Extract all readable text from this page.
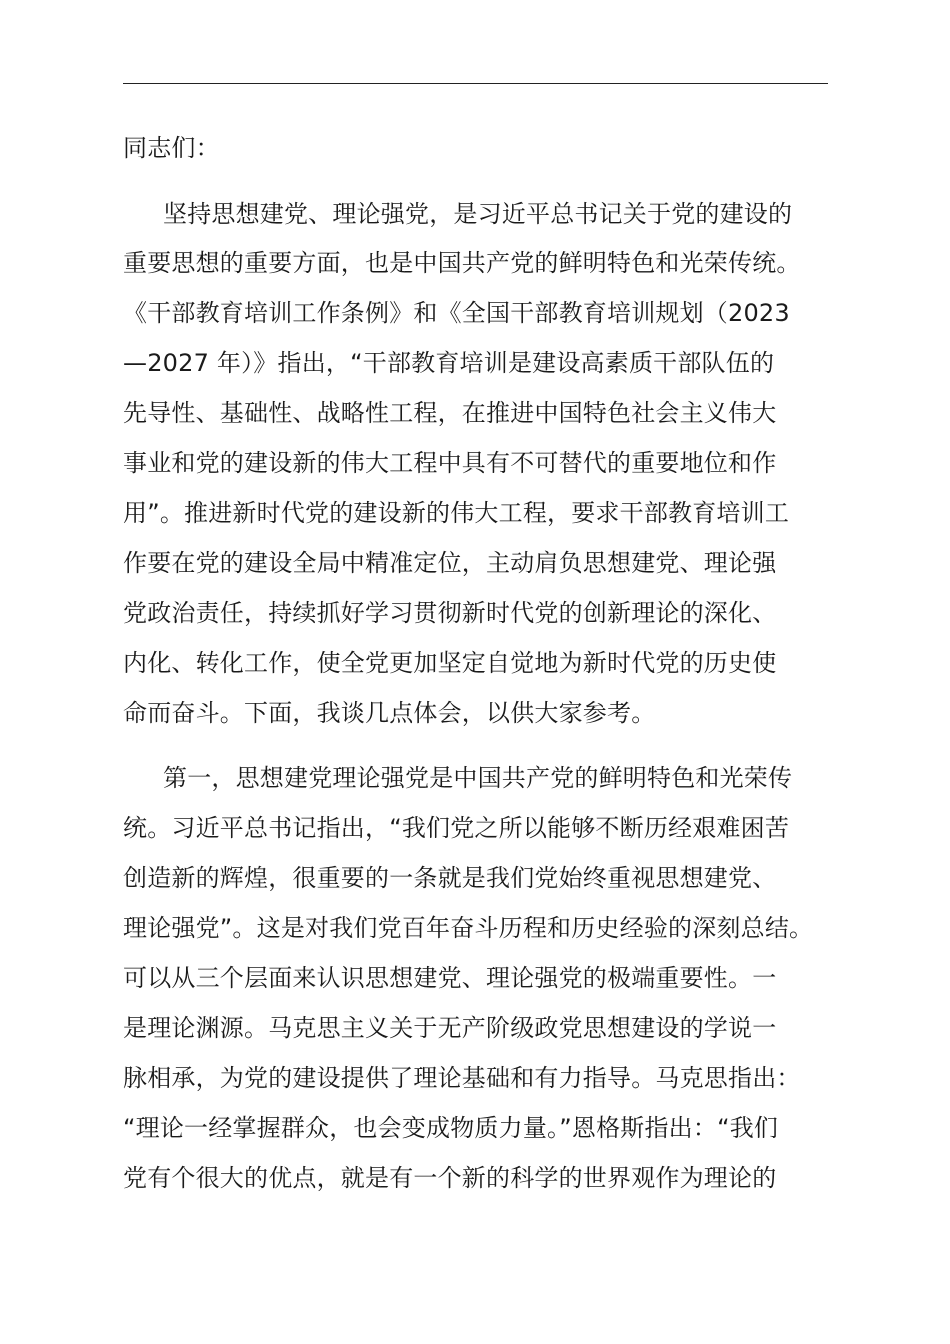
同志们：
坚持思想建党、理论强党，是习近平总书记关于党的建设的
重要思想的重要方面，也是中国共产党的鲜明特色和光荣传统。
《干部教育培训工作条例》和《全国干部教育培训规划（2023
—2027 年）》指出，“干部教育培训是建设高素质干部队伍的
先导性、基础性、战略性工程，在推进中国特色社会主义伟大
事业和党的建设新的伟大工程中具有不可替代的重要地位和作
用”。推进新时代党的建设新的伟大工程，要求干部教育培训工
作要在党的建设全局中精准定位，主动肩负思想建党、理论强
党政治责任，持续抓好学习贯彻新时代党的创新理论的深化、
内化、转化工作，使全党更加坚定自觉地为新时代党的历史使
命而奋斗。下面，我谈几点体会，以供大家参考。
第一，思想建党理论强党是中国共产党的鲜明特色和光荣传
统。习近平总书记指出，“我们党之所以能够不断历经艰难困苦
创造新的辉煌，很重要的一条就是我们党始终重视思想建党、
理论强党”。这是对我们党百年奋斗历程和历史经验的深刻总结。
可以从三个层面来认识思想建党、理论强党的极端重要性。一
是理论渊源。马克思主义关于无产阶级政党思想建设的学说一
脉相承，为党的建设提供了理论基础和有力指导。马克思指出：
“理论一经掌握群众，也会变成物质力量。”恩格斯指出：“我们
党有个很大的优点，就是有一个新的科学的世界观作为理论的
